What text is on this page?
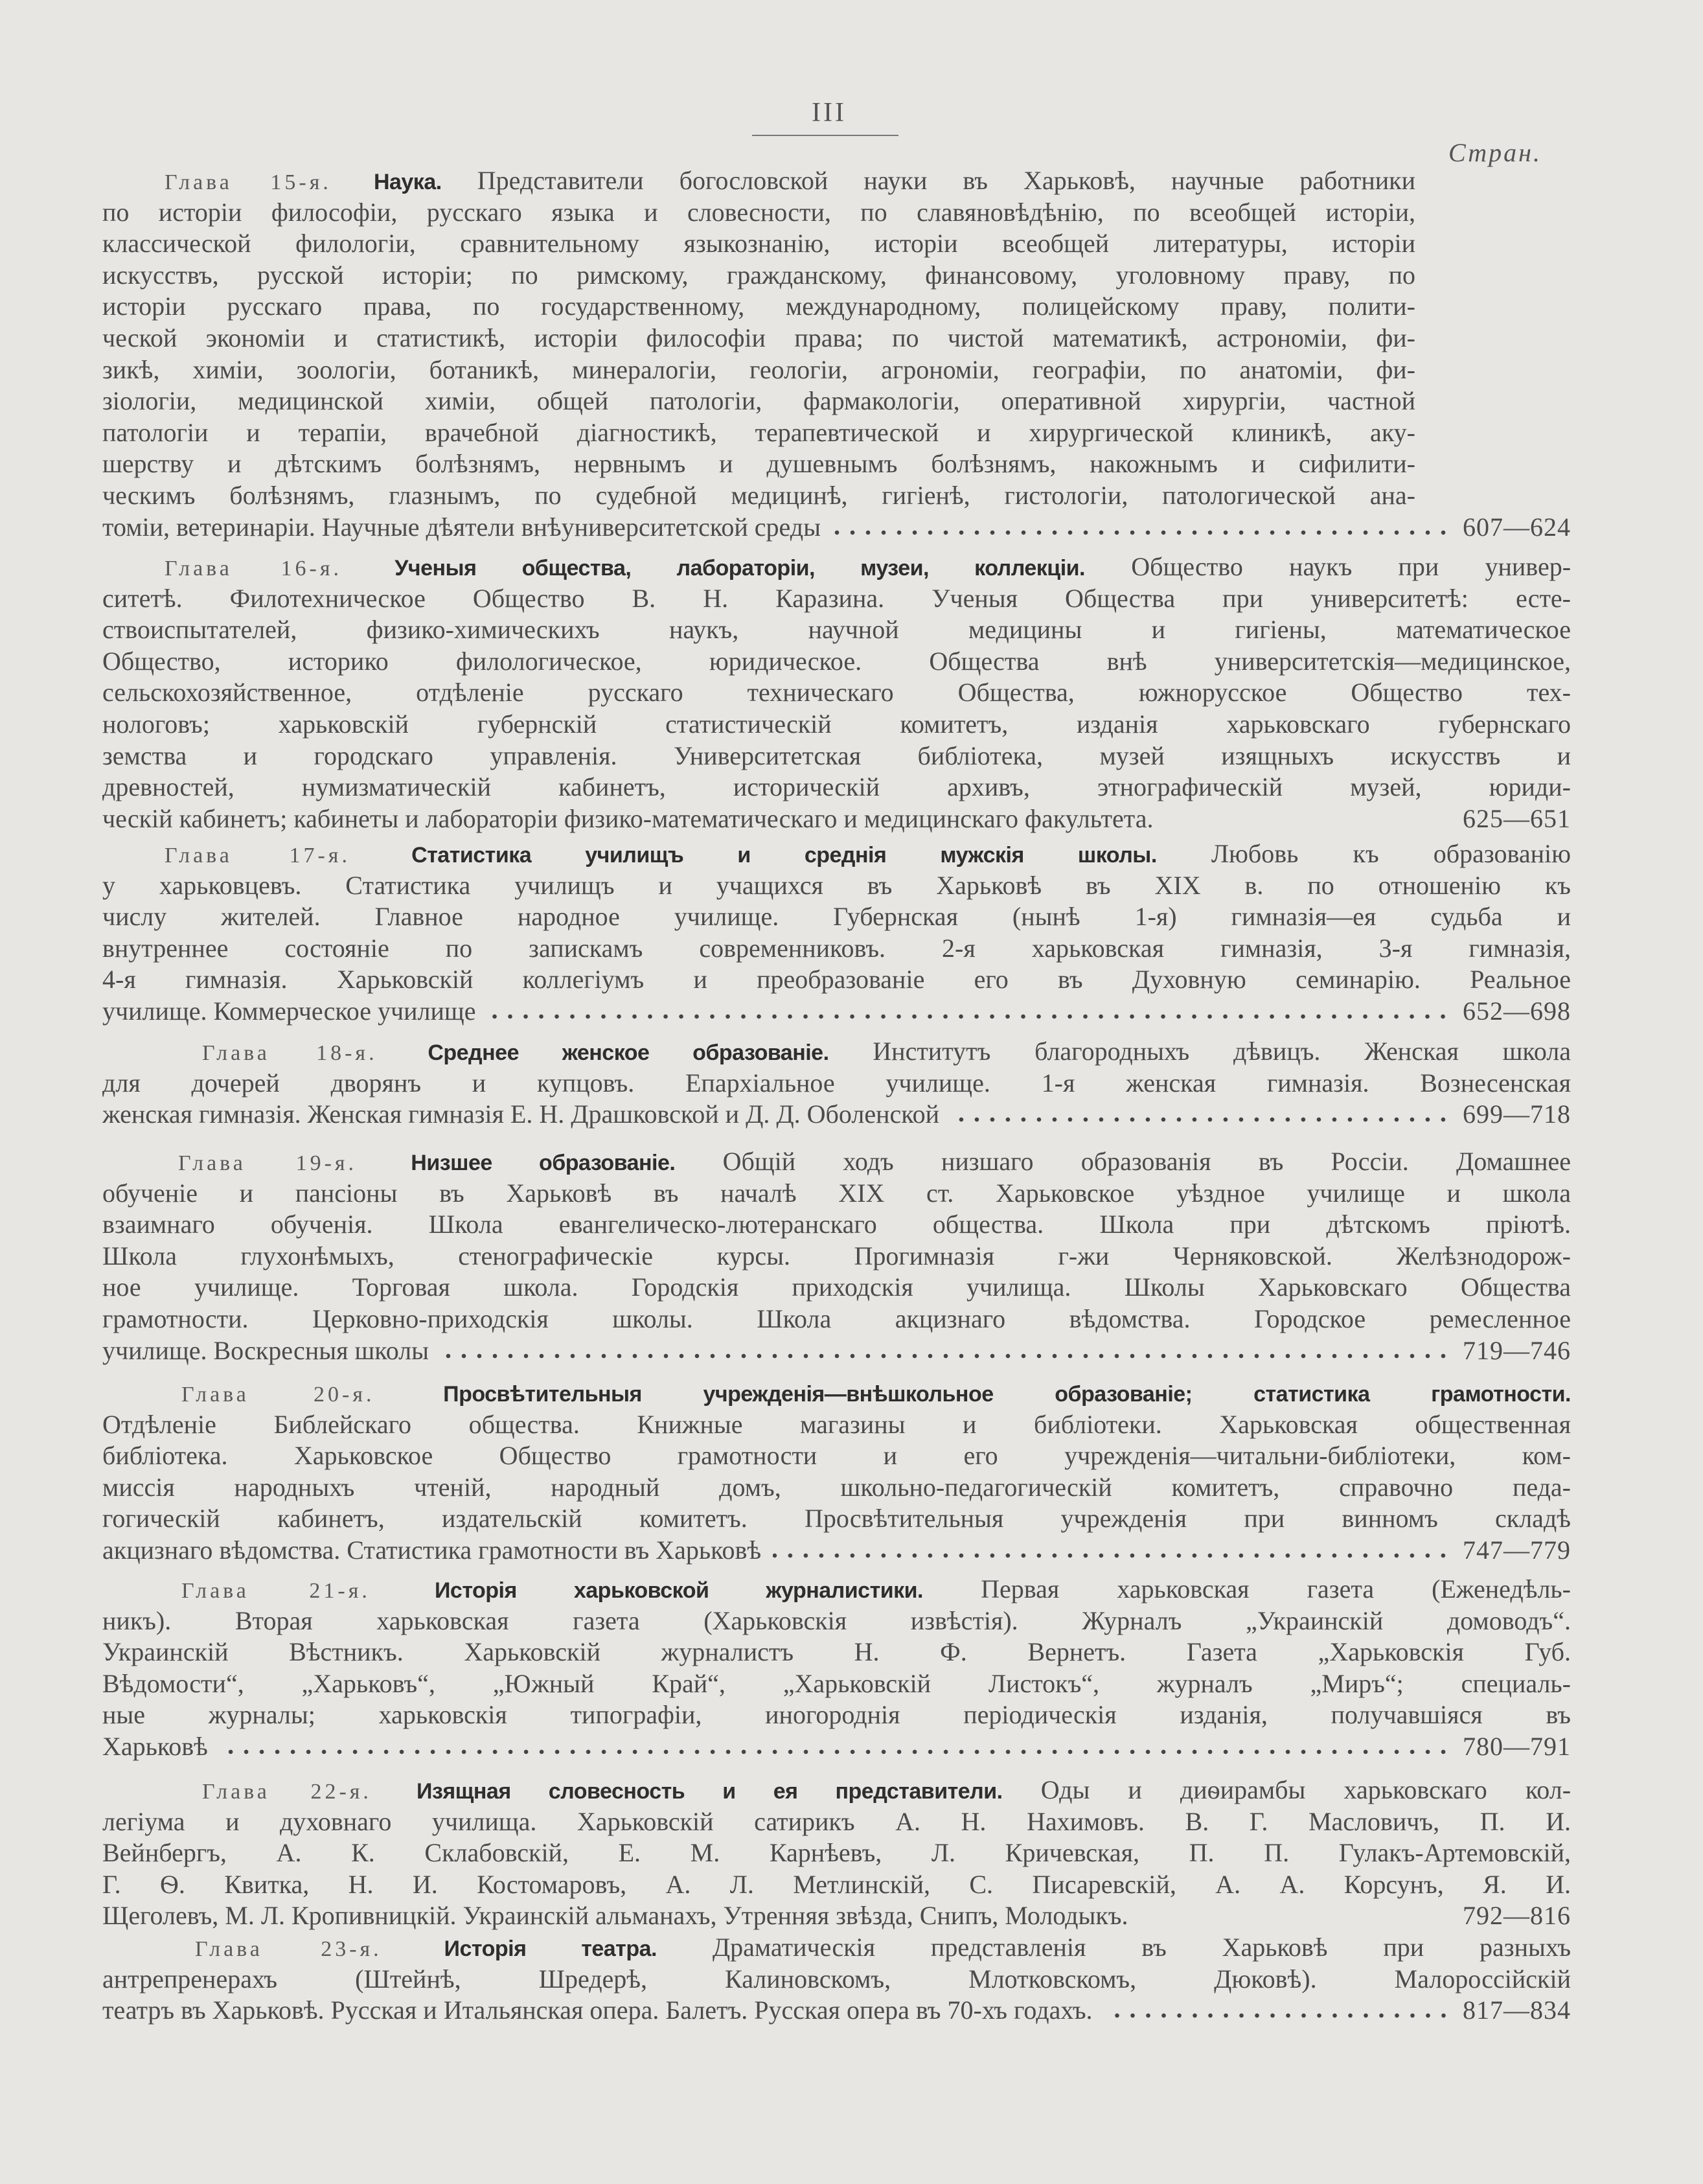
III
Стран.
Глава 15-я. Наука. Представители богословской науки въ Харьковѣ, научные работники
по исторіи философіи, русскаго языка и словесности, по славяновѣдѣнію, по всеобщей исторіи,
классической филологіи, сравнительному языкознанію, исторіи всеобщей литературы, исторіи
искусствъ, русской исторіи; по римскому, гражданскому, финансовому, уголовному праву, по
исторіи русскаго права, по государственному, международному, полицейскому праву, полити-
ческой экономіи и статистикѣ, исторіи философіи права; по чистой математикѣ, астрономіи, фи-
зикѣ, химіи, зоологіи, ботаникѣ, минералогіи, геологіи, агрономіи, географіи, по анатоміи, фи-
зіологіи, медицинской химіи, общей патологіи, фармакологіи, оперативной хирургіи, частной
патологіи и терапіи, врачебной діагностикѣ, терапевтической и хирургической клиникѣ, аку-
шерству и дѣтскимъ болѣзнямъ, нервнымъ и душевнымъ болѣзнямъ, накожнымъ и сифилити-
ческимъ болѣзнямъ, глазнымъ, по судебной медицинѣ, гигіенѣ, гистологіи, патологической ана-
томіи, ветеринаріи. Научные дѣятели внѣуниверситетской среды	607—624
Глава 16-я. Ученыя общества, лабораторіи, музеи, коллекціи. Общество наукъ при универ-
ситетѣ. Филотехническое Общество В. Н. Каразина. Ученыя Общества при университетѣ: есте-
ствоиспытателей, физико-химическихъ наукъ, научной медицины и гигіены, математическое
Общество, историко филологическое, юридическое. Общества внѣ университетскія—медицинское,
сельскохозяйственное, отдѣленіе русскаго техническаго Общества, южнорусское Общество тех-
нологовъ; харьковскій губернскій статистическій комитетъ, изданія харьковскаго губернскаго
земства и городскаго управленія. Университетская библіотека, музей изящныхъ искусствъ и
древностей, нумизматическій кабинетъ, историческій архивъ, этнографическій музей, юриди-
ческій кабинетъ; кабинеты и лабораторіи физико-математическаго и медицинскаго факультета.	625—651
Глава 17-я.	Статистика училищъ и среднія мужскія школы. Любовь къ образованію
у харьковцевъ. Статистика училищъ и учащихся въ Харьковѣ въ XIX в. по отношенію къ
числу жителей. Главное народное училище. Губернская (нынѣ 1-я) гимназія—ея судьба и
внутреннее состояніе по запискамъ современниковъ. 2-я харьковская гимназія, 3-я гимназія,
4-я гимназія. Харьковскій коллегіумъ и преобразованіе его въ Духовную семинарію. Реальное
училище. Коммерческое училище	652—698
Глава 18-я. Среднее женское образованіе. Институтъ благородныхъ дѣвицъ. Женская школа
для дочерей дворянъ и купцовъ. Епархіальное училище. 1-я женская гимназія. Вознесенская
женская гимназія. Женская гимназія Е. Н. Драшковской и Д. Д. Оболенской	699—718
Глава 19-я. Низшее образованіе. Общій ходъ низшаго образованія въ Россіи. Домашнее
обученіе и пансіоны въ Харьковѣ въ началѣ XIX ст. Харьковское уѣздное училище и школа
взаимнаго обученія. Школа евангелическо-лютеранскаго общества. Школа при дѣтскомъ пріютѣ.
Школа глухонѣмыхъ, стенографическіе курсы. Прогимназія г-жи Черняковской. Желѣзнодорож-
ное училище. Торговая школа. Городскія приходскія училища. Школы Харьковскаго Общества
грамотности. Церковно-приходскія школы. Школа акцизнаго вѣдомства. Городское ремесленное
училище. Воскресныя школы	719—746
Глава 20-я.	Просвѣтительныя учрежденія—внѣшкольное образованіе; статистика грамотности.
Отдѣленіе Библейскаго общества. Книжные магазины и библіотеки. Харьковская общественная
библіотека. Харьковское Общество грамотности и его учрежденія—читальни-библіотеки, ком-
миссія народныхъ чтеній, народный домъ, школьно-педагогическій комитетъ, справочно педа-
гогическій кабинетъ, издательскій комитетъ. Просвѣтительныя учрежденія при винномъ складѣ
акцизнаго вѣдомства. Статистика грамотности въ Харьковѣ	747—779
Глава 21-я.	Исторія харьковской журналистики. Первая харьковская газета (Еженедѣль-
никъ). Вторая харьковская газета (Харьковскія извѣстія). Журналъ „Украинскій домоводъ“.
Украинскій Вѣстникъ. Харьковскій журналистъ Н. Ф. Вернетъ. Газета „Харьковскія Губ.
Вѣдомости“, „Харьковъ“, „Южный Край“, „Харьковскій Листокъ“, журналъ „Миръ“; специаль-
ные журналы; харьковскія типографіи, иногороднія періодическія изданія, получавшіяся въ
Харьковѣ	780—791
Глава 22-я. Изящная словесность и ея представители. Оды и диѳирамбы харьковскаго кол-
легіума и духовнаго училища. Харьковскій сатирикъ А. Н. Нахимовъ. В. Г. Масловичъ, П. И.
Вейнбергъ, А. К. Склабовскій, Е. М. Карнѣевъ, Л. Кричевская, П. П. Гулакъ-Артемовскій,
Г. Ѳ. Квитка, Н. И. Костомаровъ, А. Л. Метлинскій, С. Писаревскій, А. А. Корсунъ, Я. И.
Щеголевъ, М. Л. Кропивницкій. Украинскій альманахъ, Утренняя звѣзда, Снипъ, Молодыкъ.	792—816
Глава 23-я.	Исторія театра. Драматическія представленія въ Харьковѣ при разныхъ
антрепренерахъ (Штейнѣ, Шредерѣ, Калиновскомъ, Млотковскомъ, Дюковѣ). Малороссійскій
театръ въ Харьковѣ. Русская и Итальянская опера. Балетъ. Русская опера въ 70-хъ годахъ.	817—834
